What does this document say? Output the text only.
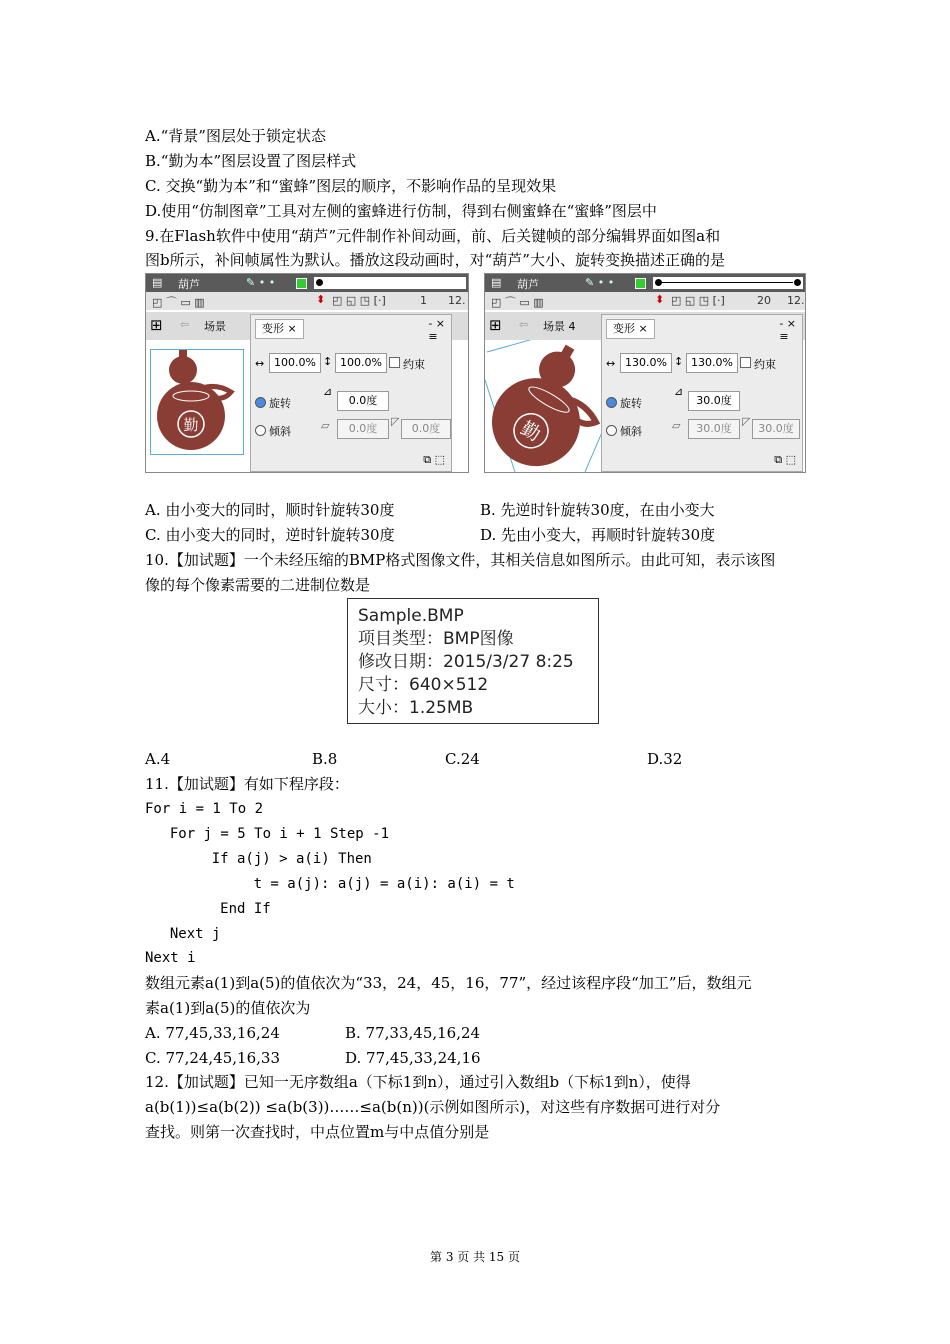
A.“背景”图层处于锁定状态
B.“勤为本”图层设置了图层样式
C. 交换“勤为本”和“蜜蜂”图层的顺序，不影响作品的呈现效果
D.使用“仿制图章”工具对左侧的蜜蜂进行仿制，得到右侧蜜蜂在“蜜蜂”图层中
9.在Flash软件中使用“葫芦”元件制作补间动画，前、后关键帧的部分编辑界面如图a和
图b所示，补间帧属性为默认。播放这段动画时，对“葫芦”大小、旋转变换描述正确的是
▤ 葫芦	✎ • •
◰ ⌒ ▭ ▥	⬍ ◰ ◱ ◳ [·]	1 12.
⊞ ⇦ 场景
勤
变形 ×	- ×
≡
↔ 100.0% ↕ 100.0%	约束
⊿
旋转	0.0度
倾斜	▱	0.0度
◸
0.0度
⧉ ⬚
▤ 葫芦	✎ • •
◰ ⌒ ▭ ▥	⬍ ◰ ◱ ◳ [·]	20 12.
⊞ ⇦ 场景 4
勤
变形 ×	- ×
≡
↔ 130.0% ↕ 130.0%	约束
⊿
旋转	30.0度
倾斜	▱	30.0度
◸
30.0度
⧉ ⬚
A. 由小变大的同时，顺时针旋转30度	B. 先逆时针旋转30度，在由小变大
C. 由小变大的同时，逆时针旋转30度	D. 先由小变大，再顺时针旋转30度
10.【加试题】一个未经压缩的BMP格式图像文件，其相关信息如图所示。由此可知，表示该图
像的每个像素需要的二进制位数是
Sample.BMP
项目类型：BMP图像
修改日期：2015/3/27 8:25
尺寸：640×512
大小：1.25MB
A.4	B.8	C.24	D.32
11.【加试题】有如下程序段：
For i = 1 To 2
For j = 5 To i + 1 Step -1
If a(j) > a(i) Then
t = a(j): a(j) = a(i): a(i) = t
End If
Next j
Next i
数组元素a(1)到a(5)的值依次为“33，24，45，16，77”，经过该程序段“加工”后，数组元
素a(1)到a(5)的值依次为
A. 77,45,33,16,24	B. 77,33,45,16,24
C. 77,24,45,16,33	D. 77,45,33,24,16
12.【加试题】已知一无序数组a（下标1到n），通过引入数组b（下标1到n），使得
a(b(1))≤a(b(2)) ≤a(b(3))……≤a(b(n))(示例如图所示)，对这些有序数据可进行对分
查找。则第一次查找时，中点位置m与中点值分别是
第 3 页 共 15 页
